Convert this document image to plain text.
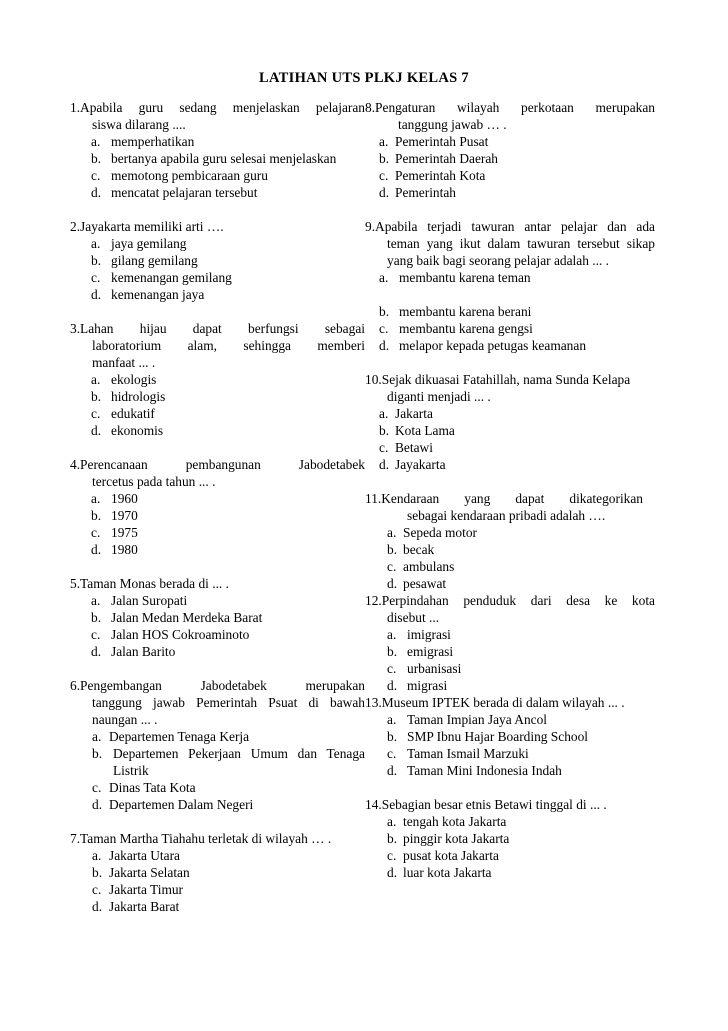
LATIHAN UTS PLKJ KELAS 7
1.Apabila guru sedang menjelaskan pelajaran
siswa dilarang ....
a. memperhatikan
b. bertanya apabila guru selesai menjelaskan
c. memotong pembicaraan guru
d. mencatat pelajaran tersebut
2.Jayakarta memiliki arti ….
a. jaya gemilang
b. gilang gemilang
c. kemenangan gemilang
d. kemenangan jaya
3.Lahan hijau dapat berfungsi sebagai
laboratorium alam, sehingga memberi
manfaat ... .
a. ekologis
b. hidrologis
c. edukatif
d. ekonomis
4.Perencanaan pembangunan Jabodetabek
tercetus pada tahun ... .
a. 1960
b. 1970
c. 1975
d. 1980
5.Taman Monas berada di ... .
a. Jalan Suropati
b. Jalan Medan Merdeka Barat
c. Jalan HOS Cokroaminoto
d. Jalan Barito
6.Pengembangan Jabodetabek merupakan
tanggung jawab Pemerintah Psuat di bawah
naungan ... .
a. Departemen Tenaga Kerja
b. Departemen Pekerjaan Umum dan Tenaga Listrik
c. Dinas Tata Kota
d. Departemen Dalam Negeri
7.Taman Martha Tiahahu terletak di wilayah … .
a. Jakarta Utara
b. Jakarta Selatan
c. Jakarta Timur
d. Jakarta Barat
8.Pengaturan wilayah perkotaan merupakan
tanggung jawab … .
a. Pemerintah Pusat
b. Pemerintah Daerah
c. Pemerintah Kota
d. Pemerintah
9.Apabila terjadi tawuran antar pelajar dan ada
teman yang ikut dalam tawuran tersebut sikap
yang baik bagi seorang pelajar adalah ... .
a. membantu karena teman
b. membantu karena berani
c. membantu karena gengsi
d. melapor kepada petugas keamanan
10.Sejak dikuasai Fatahillah, nama Sunda Kelapa
diganti menjadi ... .
a. Jakarta
b. Kota Lama
c. Betawi
d. Jayakarta
11.Kendaraan yang dapat dikategorikan
sebagai kendaraan pribadi adalah ….
a. Sepeda motor
b. becak
c. ambulans
d. pesawat
12.Perpindahan penduduk dari desa ke kota
disebut ...
a. imigrasi
b. emigrasi
c. urbanisasi
d. migrasi
13.Museum IPTEK berada di dalam wilayah ... .
a. Taman Impian Jaya Ancol
b. SMP Ibnu Hajar Boarding School
c. Taman Ismail Marzuki
d. Taman Mini Indonesia Indah
14.Sebagian besar etnis Betawi tinggal di ... .
a. tengah kota Jakarta
b. pinggir kota Jakarta
c. pusat kota Jakarta
d. luar kota Jakarta
